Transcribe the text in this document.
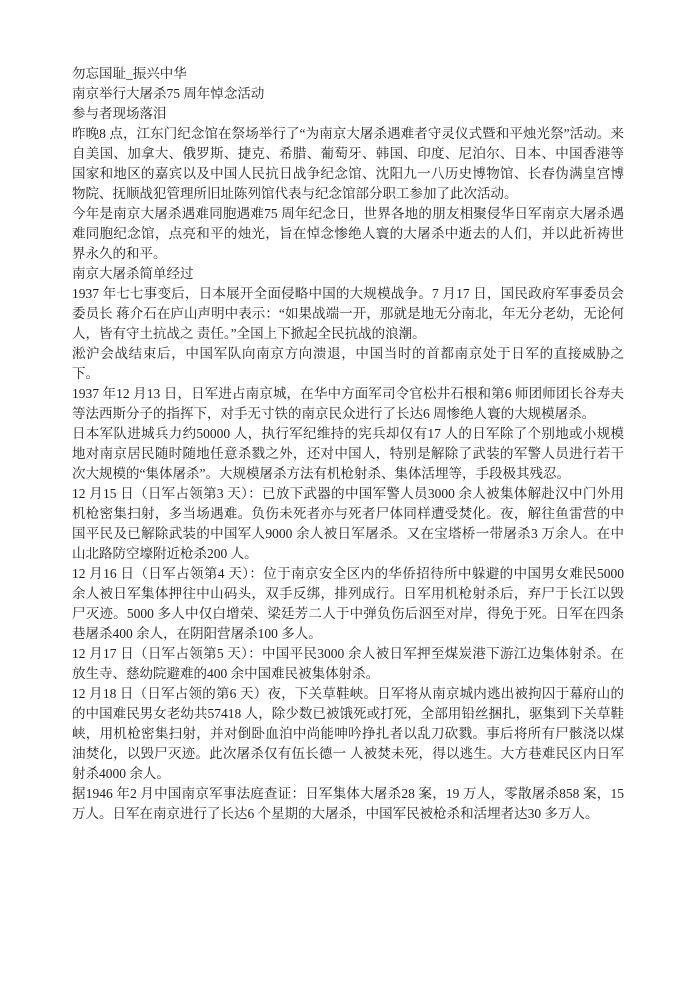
勿忘国耻_振兴中华

南京举行大屠杀75 周年悼念活动

参与者现场落泪

昨晚8 点，江东门纪念馆在祭场举行了“为南京大屠杀遇难者守灵仪式暨和平烛光祭”活动。来自美国、加拿大、俄罗斯、捷克、希腊、葡萄牙、韩国、印度、尼泊尔、日本、中国香港等国家和地区的嘉宾以及中国人民抗日战争纪念馆、沈阳九一八历史博物馆、长春伪满皇宫博物院、抚顺战犯管理所旧址陈列馆代表与纪念馆部分职工参加了此次活动。

今年是南京大屠杀遇难同胞遇难75 周年纪念日，世界各地的朋友相聚侵华日军南京大屠杀遇难同胞纪念馆，点亮和平的烛光，旨在悼念惨绝人寰的大屠杀中逝去的人们，并以此祈祷世界永久的和平。

南京大屠杀简单经过

1937 年七七事变后，日本展开全面侵略中国的大规模战争。7 月17 日，国民政府军事委员会委员长 蒋介石在庐山声明中表示：“如果战端一开，那就是地无分南北，年无分老幼，无论何人，皆有守土抗战之 责任。”全国上下掀起全民抗战的浪潮。

淞沪会战结束后，中国军队向南京方向溃退，中国当时的首都南京处于日军的直接威胁之下。

1937 年12 月13 日，日军进占南京城，在华中方面军司令官松井石根和第6 师团师团长谷寿夫等法西斯分子的指挥下，对手无寸铁的南京民众进行了长达6 周惨绝人寰的大规模屠杀。

日本军队进城兵力约50000 人，执行军纪维持的宪兵却仅有17 人的日军除了个别地或小规模地对南京居民随时随地任意杀戮之外，还对中国人，特别是解除了武装的军警人员进行若干次大规模的“集体屠杀”。大规模屠杀方法有机枪射杀、集体活埋等，手段极其残忍。

12 月15 日（日军占领第3 天）：已放下武器的中国军警人员3000 余人被集体解赴汉中门外用机枪密集扫射，多当场遇难。负伤未死者亦与死者尸体同样遭受焚化。夜，解往鱼雷营的中国平民及已解除武装的中国军人9000 余人被日军屠杀。又在宝塔桥一带屠杀3 万余人。在中山北路防空壕附近枪杀200 人。

12 月16 日（日军占领第4 天）：位于南京安全区内的华侨招待所中躲避的中国男女难民5000 余人被日军集体押往中山码头，双手反绑，排列成行。日军用机枪射杀后，弃尸于长江以毁尸灭迹。5000 多人中仅白增荣、梁廷芳二人于中弹负伤后泅至对岸，得免于死。日军在四条巷屠杀400 余人，在阴阳营屠杀100 多人。

12 月17 日（日军占领第5 天）：中国平民3000 余人被日军押至煤炭港下游江边集体射杀。在放生寺、慈幼院避难的400 余中国难民被集体射杀。

12 月18 日（日军占领的第6 天）夜，下关草鞋峡。日军将从南京城内逃出被拘囚于幕府山的的中国难民男女老幼共57418 人，除少数已被饿死或打死，全部用铅丝捆扎，驱集到下关草鞋峡，用机枪密集扫射，并对倒卧血泊中尚能呻吟挣扎者以乱刀砍戮。事后将所有尸骸浇以煤油焚化，以毁尸灭迹。此次屠杀仅有伍长德一 人被焚未死，得以逃生。大方巷难民区内日军射杀4000 余人。

据1946 年2 月中国南京军事法庭查证：日军集体大屠杀28 案，19 万人，零散屠杀858 案，15 万人。日军在南京进行了长达6 个星期的大屠杀，中国军民被枪杀和活埋者达30 多万人。
